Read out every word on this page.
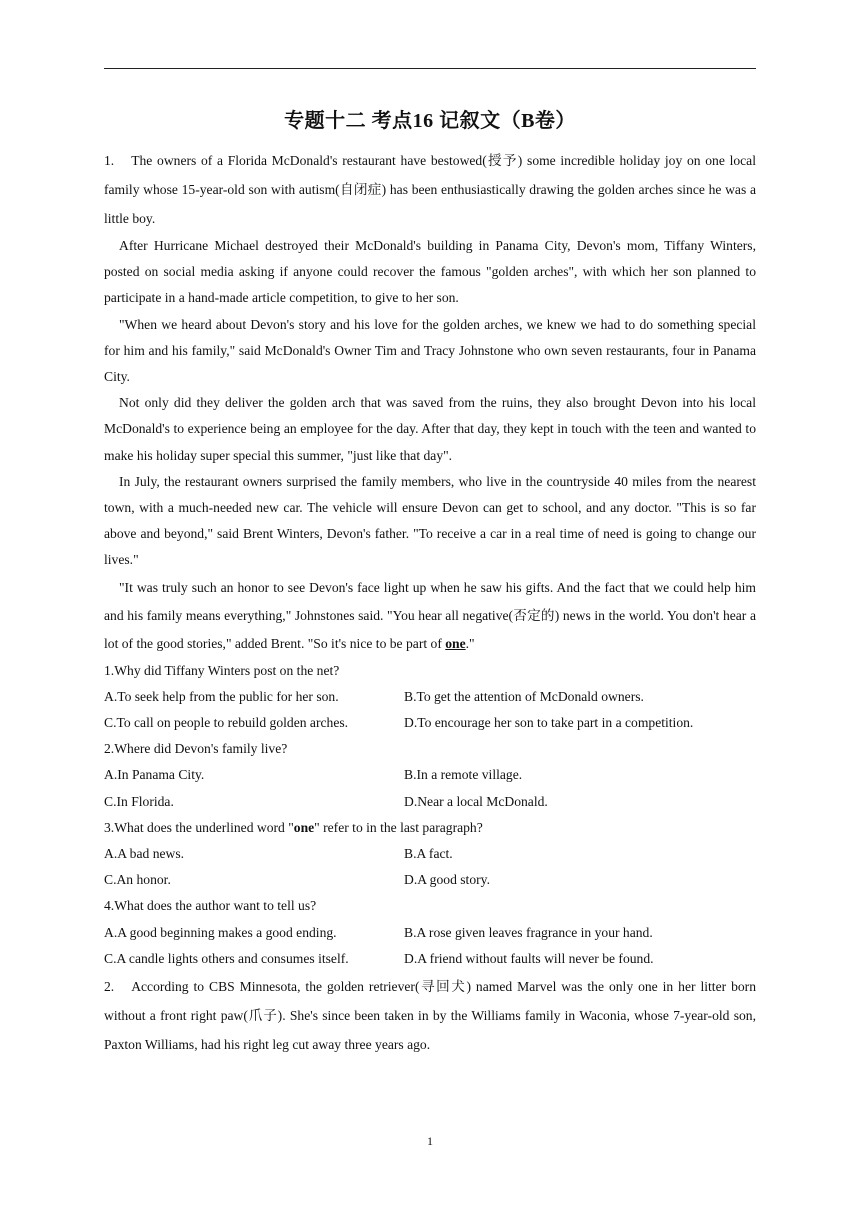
专题十二 考点16 记叙文（B卷）

1. The owners of a Florida McDonald's restaurant have bestowed(授予) some incredible holiday joy on one local family whose 15-year-old son with autism(自闭症) has been enthusiastically drawing the golden arches since he was a little boy.

After Hurricane Michael destroyed their McDonald's building in Panama City, Devon's mom, Tiffany Winters, posted on social media asking if anyone could recover the famous "golden arches", with which her son planned to participate in a hand-made article competition, to give to her son.

"When we heard about Devon's story and his love for the golden arches, we knew we had to do something special for him and his family," said McDonald's Owner Tim and Tracy Johnstone who own seven restaurants, four in Panama City.

Not only did they deliver the golden arch that was saved from the ruins, they also brought Devon into his local McDonald's to experience being an employee for the day. After that day, they kept in touch with the teen and wanted to make his holiday super special this summer, "just like that day".

In July, the restaurant owners surprised the family members, who live in the countryside 40 miles from the nearest town, with a much-needed new car. The vehicle will ensure Devon can get to school, and any doctor. "This is so far above and beyond," said Brent Winters, Devon's father. "To receive a car in a real time of need is going to change our lives."

"It was truly such an honor to see Devon's face light up when he saw his gifts. And the fact that we could help him and his family means everything," Johnstones said. "You hear all negative(否定的) news in the world. You don't hear a lot of the good stories," added Brent. "So it's nice to be part of one."

1.Why did Tiffany Winters post on the net?

A.To seek help from the public for her son.	B.To get the attention of McDonald owners.
C.To call on people to rebuild golden arches.	D.To encourage her son to take part in a competition.

2.Where did Devon's family live?

A.In Panama City.	B.In a remote village.
C.In Florida.	D.Near a local McDonald.

3.What does the underlined word "one" refer to in the last paragraph?

A.A bad news.	B.A fact.
C.An honor.	D.A good story.

4.What does the author want to tell us?

A.A good beginning makes a good ending.	B.A rose given leaves fragrance in your hand.
C.A candle lights others and consumes itself.	D.A friend without faults will never be found.

2. According to CBS Minnesota, the golden retriever(寻回犬) named Marvel was the only one in her litter born without a front right paw(爪子). She's since been taken in by the Williams family in Waconia, whose 7-year-old son, Paxton Williams, had his right leg cut away three years ago.

1
